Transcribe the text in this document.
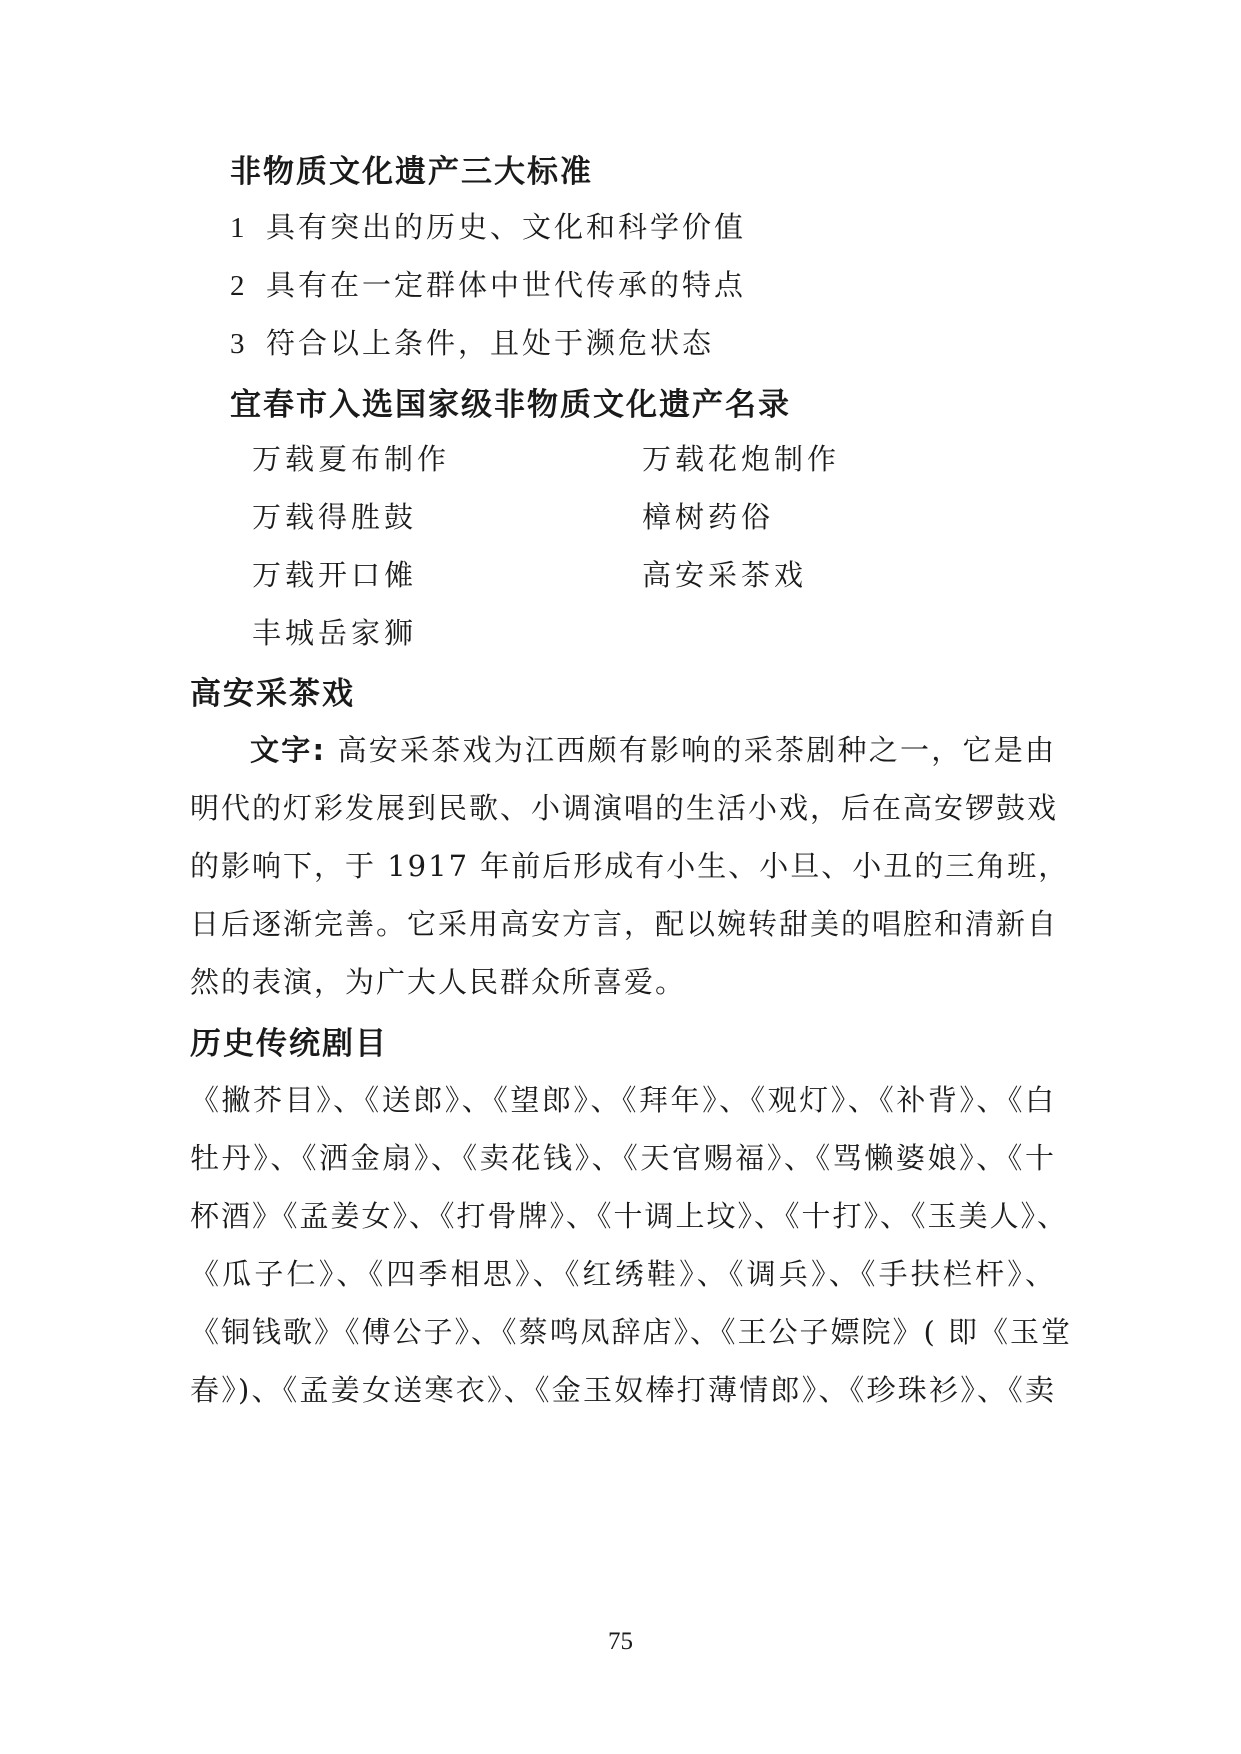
非物质文化遗产三大标准
1 具有突出的历史、文化和科学价值
2 具有在一定群体中世代传承的特点
3 符合以上条件，且处于濒危状态
宜春市入选国家级非物质文化遗产名录
万载夏布制作	万载花炮制作
万载得胜鼓	樟树药俗
万载开口傩	高安采茶戏
丰城岳家狮
高安采茶戏
文字: 高安采茶戏为江西颇有影响的采茶剧种之一，它是由
明代的灯彩发展到民歌、小调演唱的生活小戏，后在高安锣鼓戏
的影响下，于 1917 年前后形成有小生、小旦、小丑的三角班，
日后逐渐完善。它采用高安方言，配以婉转甜美的唱腔和清新自
然的表演，为广大人民群众所喜爱。
历史传统剧目
《撇芥目》、《送郎》、《望郎》、《拜年》、《观灯》、《补背》、《白
牡丹》、《洒金扇》、《卖花钱》、《天官赐福》、《骂懒婆娘》、《十
杯酒》《孟姜女》、《打骨牌》、《十调上坟》、《十打》、《玉美人》、
《瓜子仁》、《四季相思》、《红绣鞋》、《调兵》、《手扶栏杆》、
《铜钱歌》《傅公子》、《蔡鸣凤辞店》、《王公子嫖院》( 即《玉堂
春》)、《孟姜女送寒衣》、《金玉奴棒打薄情郎》、《珍珠衫》、《卖
75
